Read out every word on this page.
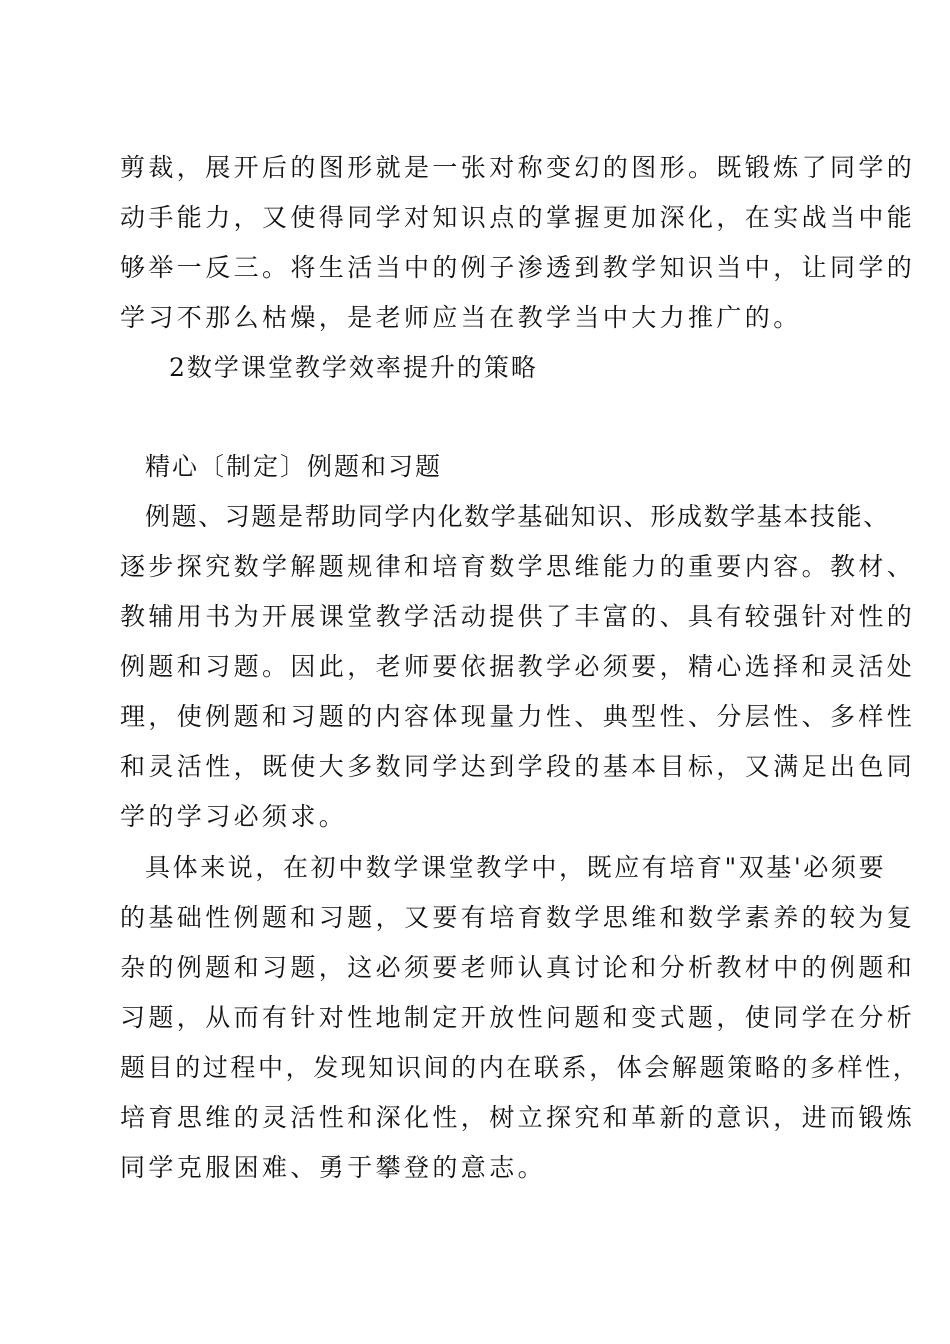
剪裁，展开后的图形就是一张对称变幻的图形。既锻炼了同学的
动手能力，又使得同学对知识点的掌握更加深化，在实战当中能
够举一反三。将生活当中的例子渗透到教学知识当中，让同学的
学习不那么枯燥，是老师应当在教学当中大力推广的。
2数学课堂教学效率提升的策略
精心〔制定〕例题和习题
例题、习题是帮助同学内化数学基础知识、形成数学基本技能、
逐步探究数学解题规律和培育数学思维能力的重要内容。教材、
教辅用书为开展课堂教学活动提供了丰富的、具有较强针对性的
例题和习题。因此，老师要依据教学必须要，精心选择和灵活处
理，使例题和习题的内容体现量力性、典型性、分层性、多样性
和灵活性，既使大多数同学达到学段的基本目标，又满足出色同
学的学习必须求。
具体来说，在初中数学课堂教学中，既应有培育"双基'必须要
的基础性例题和习题，又要有培育数学思维和数学素养的较为复
杂的例题和习题，这必须要老师认真讨论和分析教材中的例题和
习题，从而有针对性地制定开放性问题和变式题，使同学在分析
题目的过程中，发现知识间的内在联系，体会解题策略的多样性，
培育思维的灵活性和深化性，树立探究和革新的意识，进而锻炼
同学克服困难、勇于攀登的意志。
